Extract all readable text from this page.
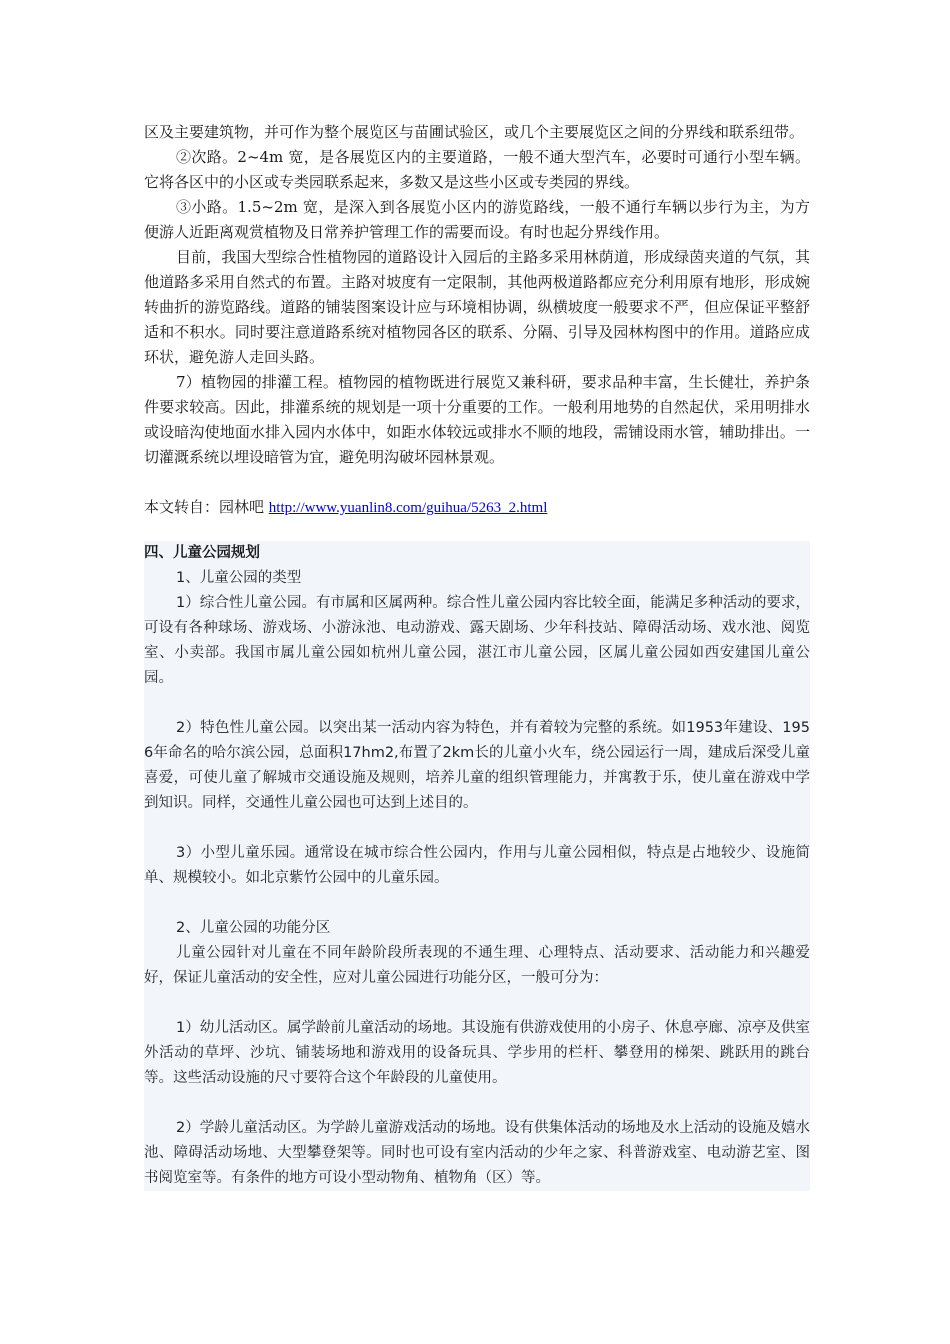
区及主要建筑物，并可作为整个展览区与苗圃试验区，或几个主要展览区之间的分界线和联系纽带。

②次路。2~4m 宽，是各展览区内的主要道路，一般不通大型汽车，必要时可通行小型车辆。它将各区中的小区或专类园联系起来，多数又是这些小区或专类园的界线。

③小路。1.5~2m 宽，是深入到各展览小区内的游览路线，一般不通行车辆以步行为主，为方便游人近距离观赏植物及日常养护管理工作的需要而设。有时也起分界线作用。

目前，我国大型综合性植物园的道路设计入园后的主路多采用林荫道，形成绿茵夹道的气氛，其他道路多采用自然式的布置。主路对坡度有一定限制，其他两极道路都应充分利用原有地形，形成婉转曲折的游览路线。道路的铺装图案设计应与环境相协调，纵横坡度一般要求不严，但应保证平整舒适和不积水。同时要注意道路系统对植物园各区的联系、分隔、引导及园林构图中的作用。道路应成环状，避免游人走回头路。

7）植物园的排灌工程。植物园的植物既进行展览又兼科研，要求品种丰富，生长健壮，养护条件要求较高。因此，排灌系统的规划是一项十分重要的工作。一般利用地势的自然起伏，采用明排水或设暗沟使地面水排入园内水体中，如距水体较远或排水不顺的地段，需铺设雨水管，辅助排出。一切灌溉系统以埋设暗管为宜，避免明沟破坏园林景观。

本文转自：园林吧 http://www.yuanlin8.com/guihua/5263_2.html

四、儿童公园规划

1、儿童公园的类型

1）综合性儿童公园。有市属和区属两种。综合性儿童公园内容比较全面，能满足多种活动的要求，可设有各种球场、游戏场、小游泳池、电动游戏、露天剧场、少年科技站、障碍活动场、戏水池、阅览室、小卖部。我国市属儿童公园如杭州儿童公园，湛江市儿童公园，区属儿童公园如西安建国儿童公园。

2）特色性儿童公园。以突出某一活动内容为特色，并有着较为完整的系统。如1953年建设、1956年命名的哈尔滨公园，总面积17hm2,布置了2km长的儿童小火车，绕公园运行一周，建成后深受儿童喜爱，可使儿童了解城市交通设施及规则，培养儿童的组织管理能力，并寓教于乐，使儿童在游戏中学到知识。同样，交通性儿童公园也可达到上述目的。

3）小型儿童乐园。通常设在城市综合性公园内，作用与儿童公园相似，特点是占地较少、设施简单、规模较小。如北京紫竹公园中的儿童乐园。

2、儿童公园的功能分区

儿童公园针对儿童在不同年龄阶段所表现的不通生理、心理特点、活动要求、活动能力和兴趣爱好，保证儿童活动的安全性，应对儿童公园进行功能分区，一般可分为：

1）幼儿活动区。属学龄前儿童活动的场地。其设施有供游戏使用的小房子、休息亭廊、凉亭及供室外活动的草坪、沙坑、铺装场地和游戏用的设备玩具、学步用的栏杆、攀登用的梯架、跳跃用的跳台等。这些活动设施的尺寸要符合这个年龄段的儿童使用。

2）学龄儿童活动区。为学龄儿童游戏活动的场地。设有供集体活动的场地及水上活动的设施及嬉水池、障碍活动场地、大型攀登架等。同时也可设有室内活动的少年之家、科普游戏室、电动游艺室、图书阅览室等。有条件的地方可设小型动物角、植物角（区）等。
